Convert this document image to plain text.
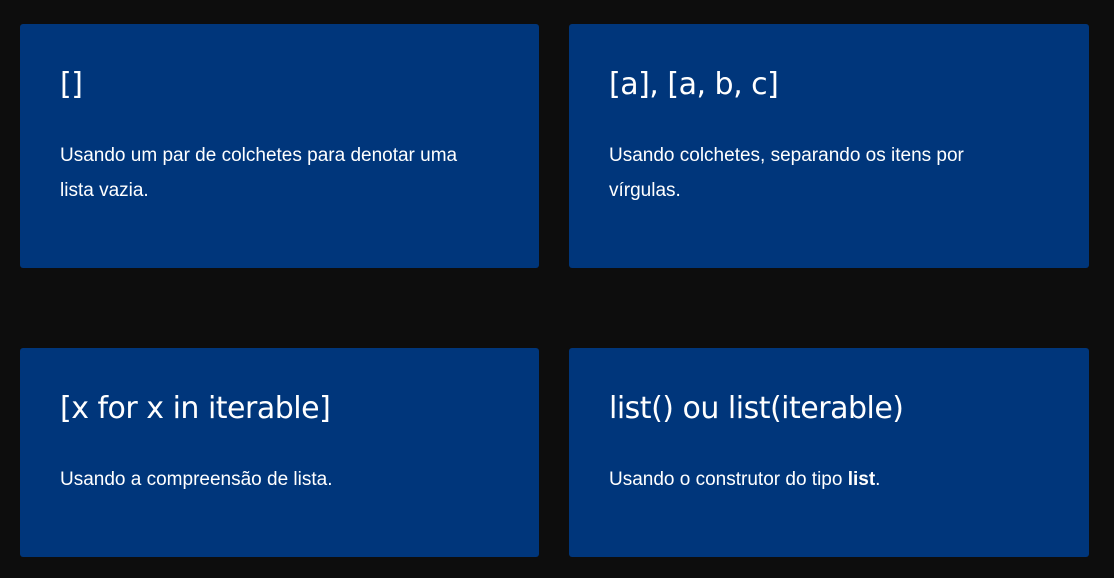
[]
Usando um par de colchetes para denotar uma lista vazia.
[a], [a, b, c]
Usando colchetes, separando os itens por vírgulas.
[x for x in iterable]
Usando a compreensão de lista.
list() ou list(iterable)
Usando o construtor do tipo list.
